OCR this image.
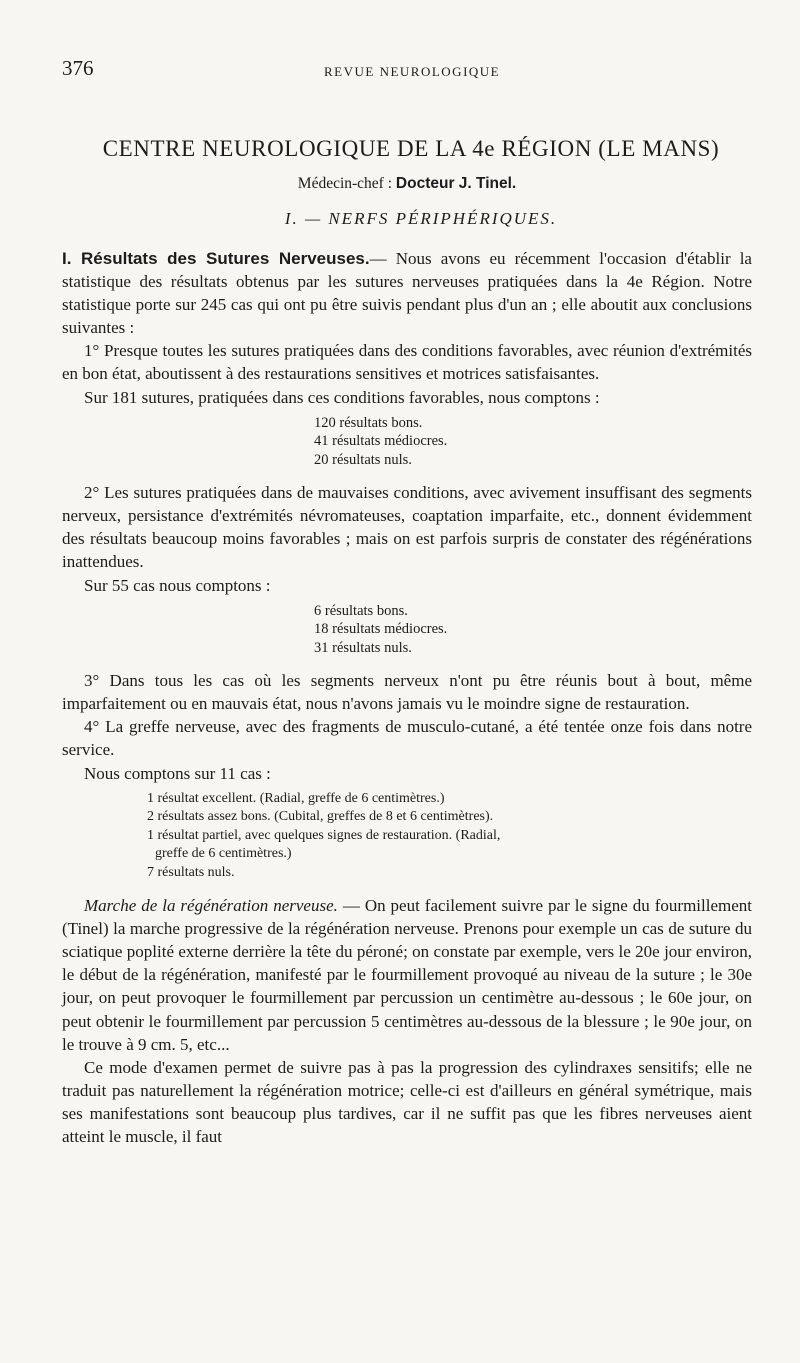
376	REVUE NEUROLOGIQUE
CENTRE NEUROLOGIQUE DE LA 4e RÉGION (LE MANS)
Médecin-chef : Docteur J. Tinel.
I. — NERFS PÉRIPHÉRIQUES.

I. Résultats des Sutures Nerveuses.— Nous avons eu récemment l'occasion d'établir la statistique des résultats obtenus par les sutures nerveuses pratiquées dans la 4e Région. Notre statistique porte sur 245 cas qui ont pu être suivis pendant plus d'un an ; elle aboutit aux conclusions suivantes :

1° Presque toutes les sutures pratiquées dans des conditions favorables, avec réunion d'extrémités en bon état, aboutissent à des restaurations sensitives et motrices satisfaisantes.

Sur 181 sutures, pratiquées dans ces conditions favorables, nous comptons :

120 résultats bons.
41 résultats médiocres.
20 résultats nuls.

2° Les sutures pratiquées dans de mauvaises conditions, avec avivement insuffisant des segments nerveux, persistance d'extrémités névromateuses, coaptation imparfaite, etc., donnent évidemment des résultats beaucoup moins favorables ; mais on est parfois surpris de constater des régénérations inattendues.

Sur 55 cas nous comptons :

6 résultats bons.
18 résultats médiocres.
31 résultats nuls.

3° Dans tous les cas où les segments nerveux n'ont pu être réunis bout à bout, même imparfaitement ou en mauvais état, nous n'avons jamais vu le moindre signe de restauration.

4° La greffe nerveuse, avec des fragments de musculo-cutané, a été tentée onze fois dans notre service.

Nous comptons sur 11 cas :

1 résultat excellent. (Radial, greffe de 6 centimètres.)
2 résultats assez bons. (Cubital, greffes de 8 et 6 centimètres).
1 résultat partiel, avec quelques signes de restauration. (Radial,
greffe de 6 centimètres.)
7 résultats nuls.

Marche de la régénération nerveuse. — On peut facilement suivre par le signe du fourmillement (Tinel) la marche progressive de la régénération nerveuse. Prenons pour exemple un cas de suture du sciatique poplité externe derrière la tête du péroné; on constate par exemple, vers le 20e jour environ, le début de la régénération, manifesté par le fourmillement provoqué au niveau de la suture ; le 30e jour, on peut provoquer le fourmillement par percussion un centimètre au-dessous ; le 60e jour, on peut obtenir le fourmillement par percussion 5 centimètres au-dessous de la blessure ; le 90e jour, on le trouve à 9 cm. 5, etc...

Ce mode d'examen permet de suivre pas à pas la progression des cylindraxes sensitifs; elle ne traduit pas naturellement la régénération motrice; celle-ci est d'ailleurs en général symétrique, mais ses manifestations sont beaucoup plus tardives, car il ne suffit pas que les fibres nerveuses aient atteint le muscle, il faut
